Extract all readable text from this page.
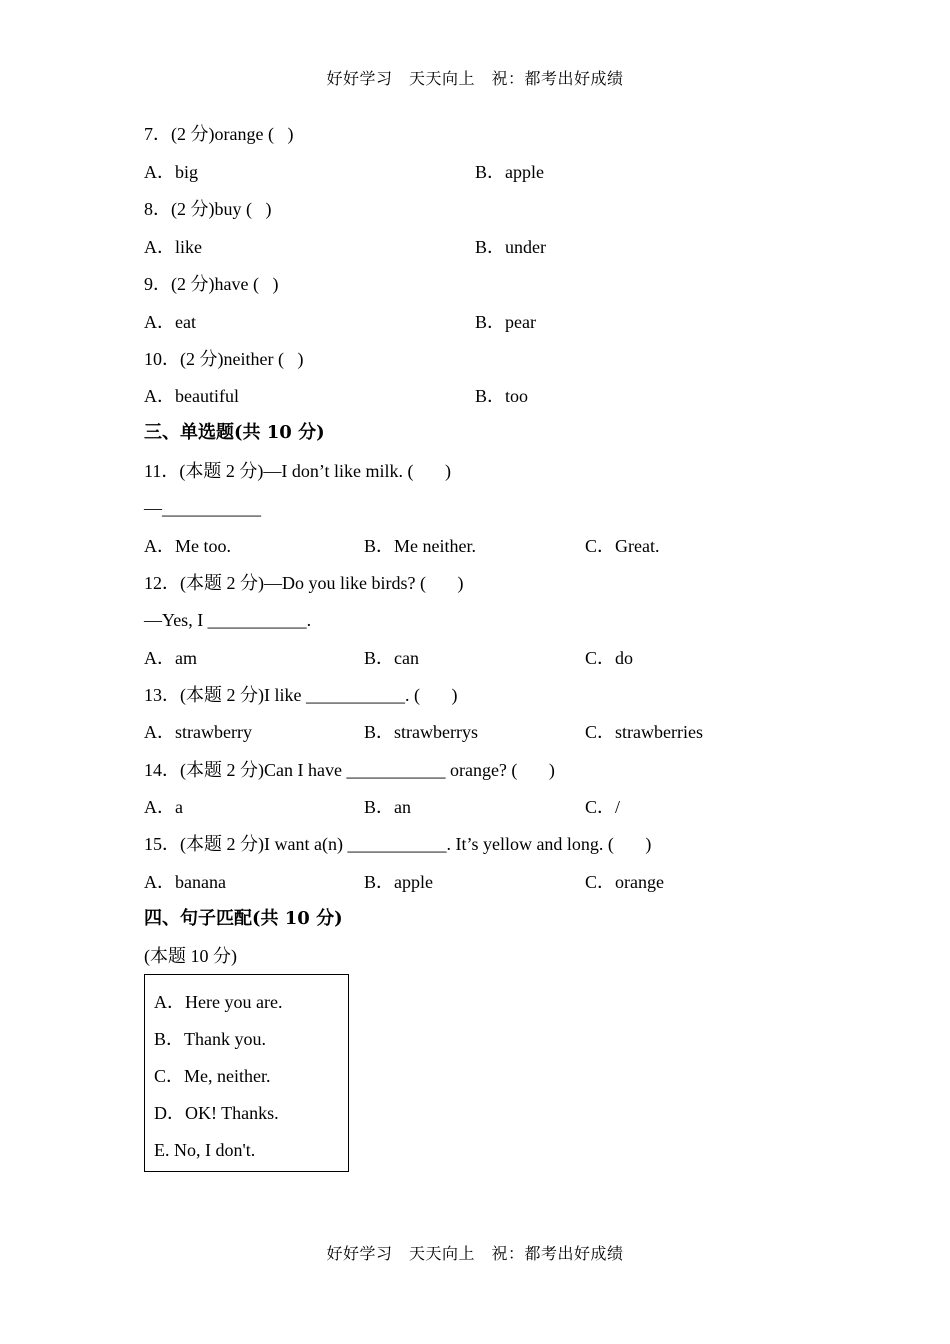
好好学习　天天向上　祝：都考出好成绩
7．(2 分)orange (   )
A．big	B．apple
8．(2 分)buy (   )
A．like	B．under
9．(2 分)have (   )
A．eat	B．pear
10．(2 分)neither (   )
A．beautiful	B．too
三、单选题(共 10 分)
11．(本题 2 分)—I don’t like milk. (       )
—___________
A．Me too.	B．Me neither.	C．Great.
12．(本题 2 分)—Do you like birds? (       )
—Yes, I ___________.
A．am	B．can	C．do
13．(本题 2 分)I like ___________. (       )
A．strawberry	B．strawberrys	C．strawberries
14．(本题 2 分)Can I have ___________ orange? (       )
A．a	B．an	C．/
15．(本题 2 分)I want a(n) ___________. It’s yellow and long. (       )
A．banana	B．apple	C．orange
四、句子匹配(共 10 分)
(本题 10 分)
A．Here you are.
B．Thank you.
C．Me, neither.
D．OK! Thanks.
E. No, I don't.
好好学习　天天向上　祝：都考出好成绩
